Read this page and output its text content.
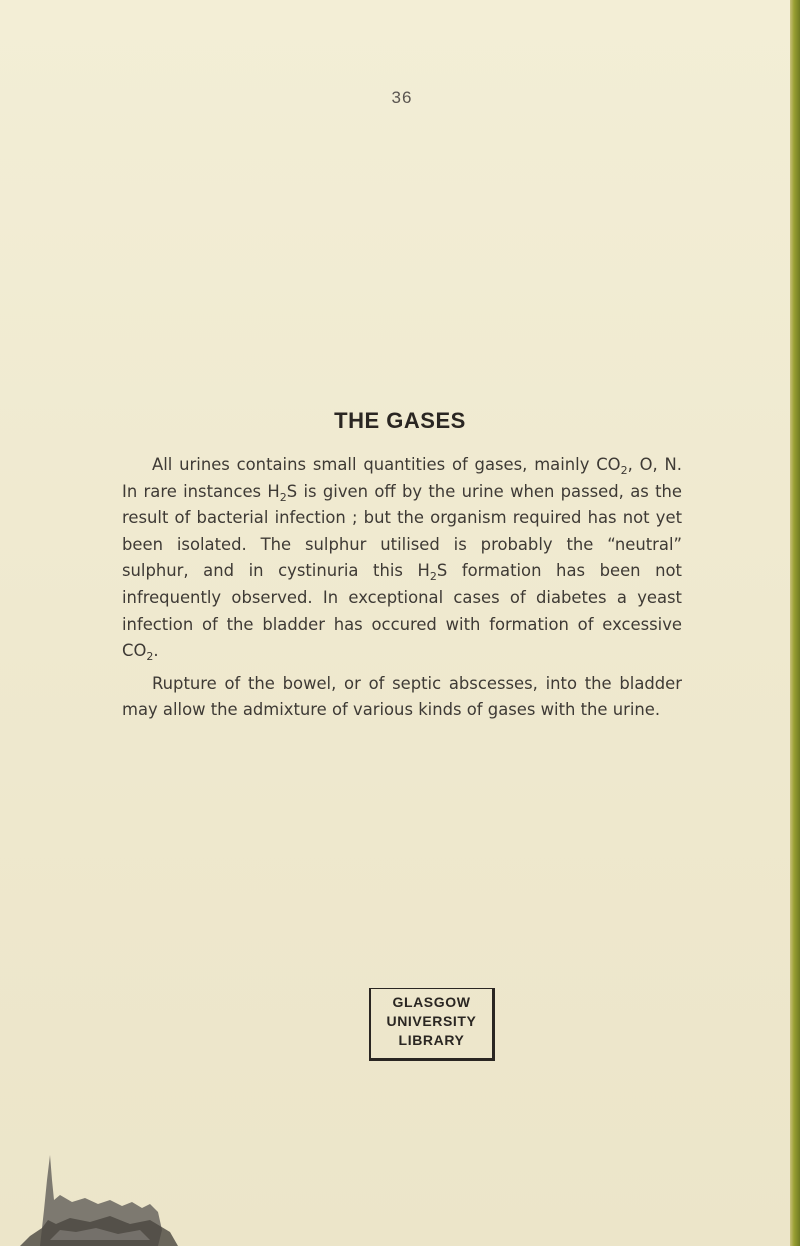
36
THE GASES

All urines contains small quantities of gases, mainly $CO_2$, O, N. In rare instances $H_2S$ is given off by the urine when passed, as the result of bacterial infection ; but the organism required has not yet been isolated. The sulphur utilised is probably the “neutral” sulphur, and in cystinuria this $H_2S$ formation has been not infrequently observed. In exceptional cases of diabetes a yeast infection of the bladder has occured with formation of excessive $CO_2$.

Rupture of the bowel, or of septic abscesses, into the bladder may allow the admixture of various kinds of gases with the urine.

GLASGOW
UNIVERSITY
LIBRARY
